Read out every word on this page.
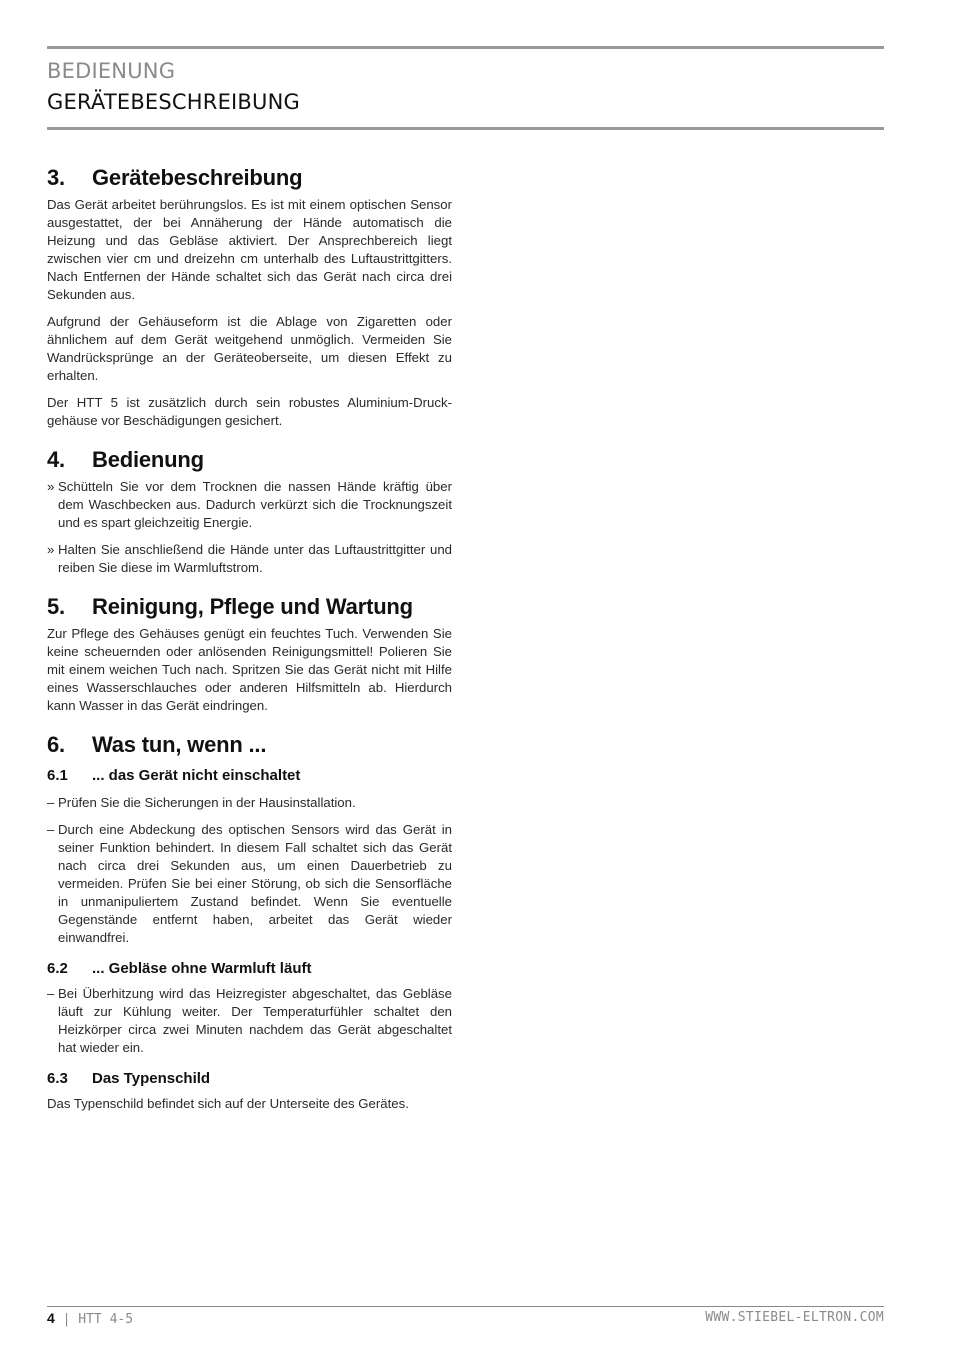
BEDIENUNG
GERÄTEBESCHREIBUNG
3. Gerätebeschreibung

Das Gerät arbeitet berührungslos. Es ist mit einem optischen Sensor ausgestattet, der bei Annäherung der Hände automatisch die Heizung und das Gebläse aktiviert. Der Ansprechbereich liegt zwischen vier cm und dreizehn cm unterhalb des Luftaustrittgitters. Nach Entfernen der Hände schaltet sich das Gerät nach circa drei Sekunden aus.

Aufgrund der Gehäuseform ist die Ablage von Zigaretten oder ähnlichem auf dem Gerät weitgehend unmöglich. Vermeiden Sie Wandrücksprünge an der Geräteoberseite, um diesen Effekt zu erhalten.

Der HTT 5 ist zusätzlich durch sein robustes Aluminium-Druckgehäuse vor Beschädigungen gesichert.

4. Bedienung
» Schütteln Sie vor dem Trocknen die nassen Hände kräftig über dem Waschbecken aus. Dadurch verkürzt sich die Trocknungszeit und es spart gleichzeitig Energie.
» Halten Sie anschließend die Hände unter das Luftaustrittgitter und reiben Sie diese im Warmluftstrom.
5. Reinigung, Pflege und Wartung

Zur Pflege des Gehäuses genügt ein feuchtes Tuch. Verwenden Sie keine scheuernden oder anlösenden Reinigungsmittel! Polieren Sie mit einem weichen Tuch nach. Spritzen Sie das Gerät nicht mit Hilfe eines Wasserschlauches oder anderen Hilfsmitteln ab. Hierdurch kann Wasser in das Gerät eindringen.

6. Was tun, wenn ...
6.1 ... das Gerät nicht einschaltet
– Prüfen Sie die Sicherungen in der Hausinstallation.
– Durch eine Abdeckung des optischen Sensors wird das Gerät in seiner Funktion behindert. In diesem Fall schaltet sich das Gerät nach circa drei Sekunden aus, um einen Dauerbetrieb zu vermeiden. Prüfen Sie bei einer Störung, ob sich die Sensorfläche in unmanipuliertem Zustand befindet. Wenn Sie eventuelle Gegenstände entfernt haben, arbeitet das Gerät wieder einwandfrei.
6.2 ... Gebläse ohne Warmluft läuft
– Bei Überhitzung wird das Heizregister abgeschaltet, das Gebläse läuft zur Kühlung weiter. Der Temperaturfühler schaltet den Heizkörper circa zwei Minuten nachdem das Gerät abgeschaltet hat wieder ein.
6.3 Das Typenschild

Das Typenschild befindet sich auf der Unterseite des Gerätes.

4 | HTT 4-5	WWW.STIEBEL-ELTRON.COM
